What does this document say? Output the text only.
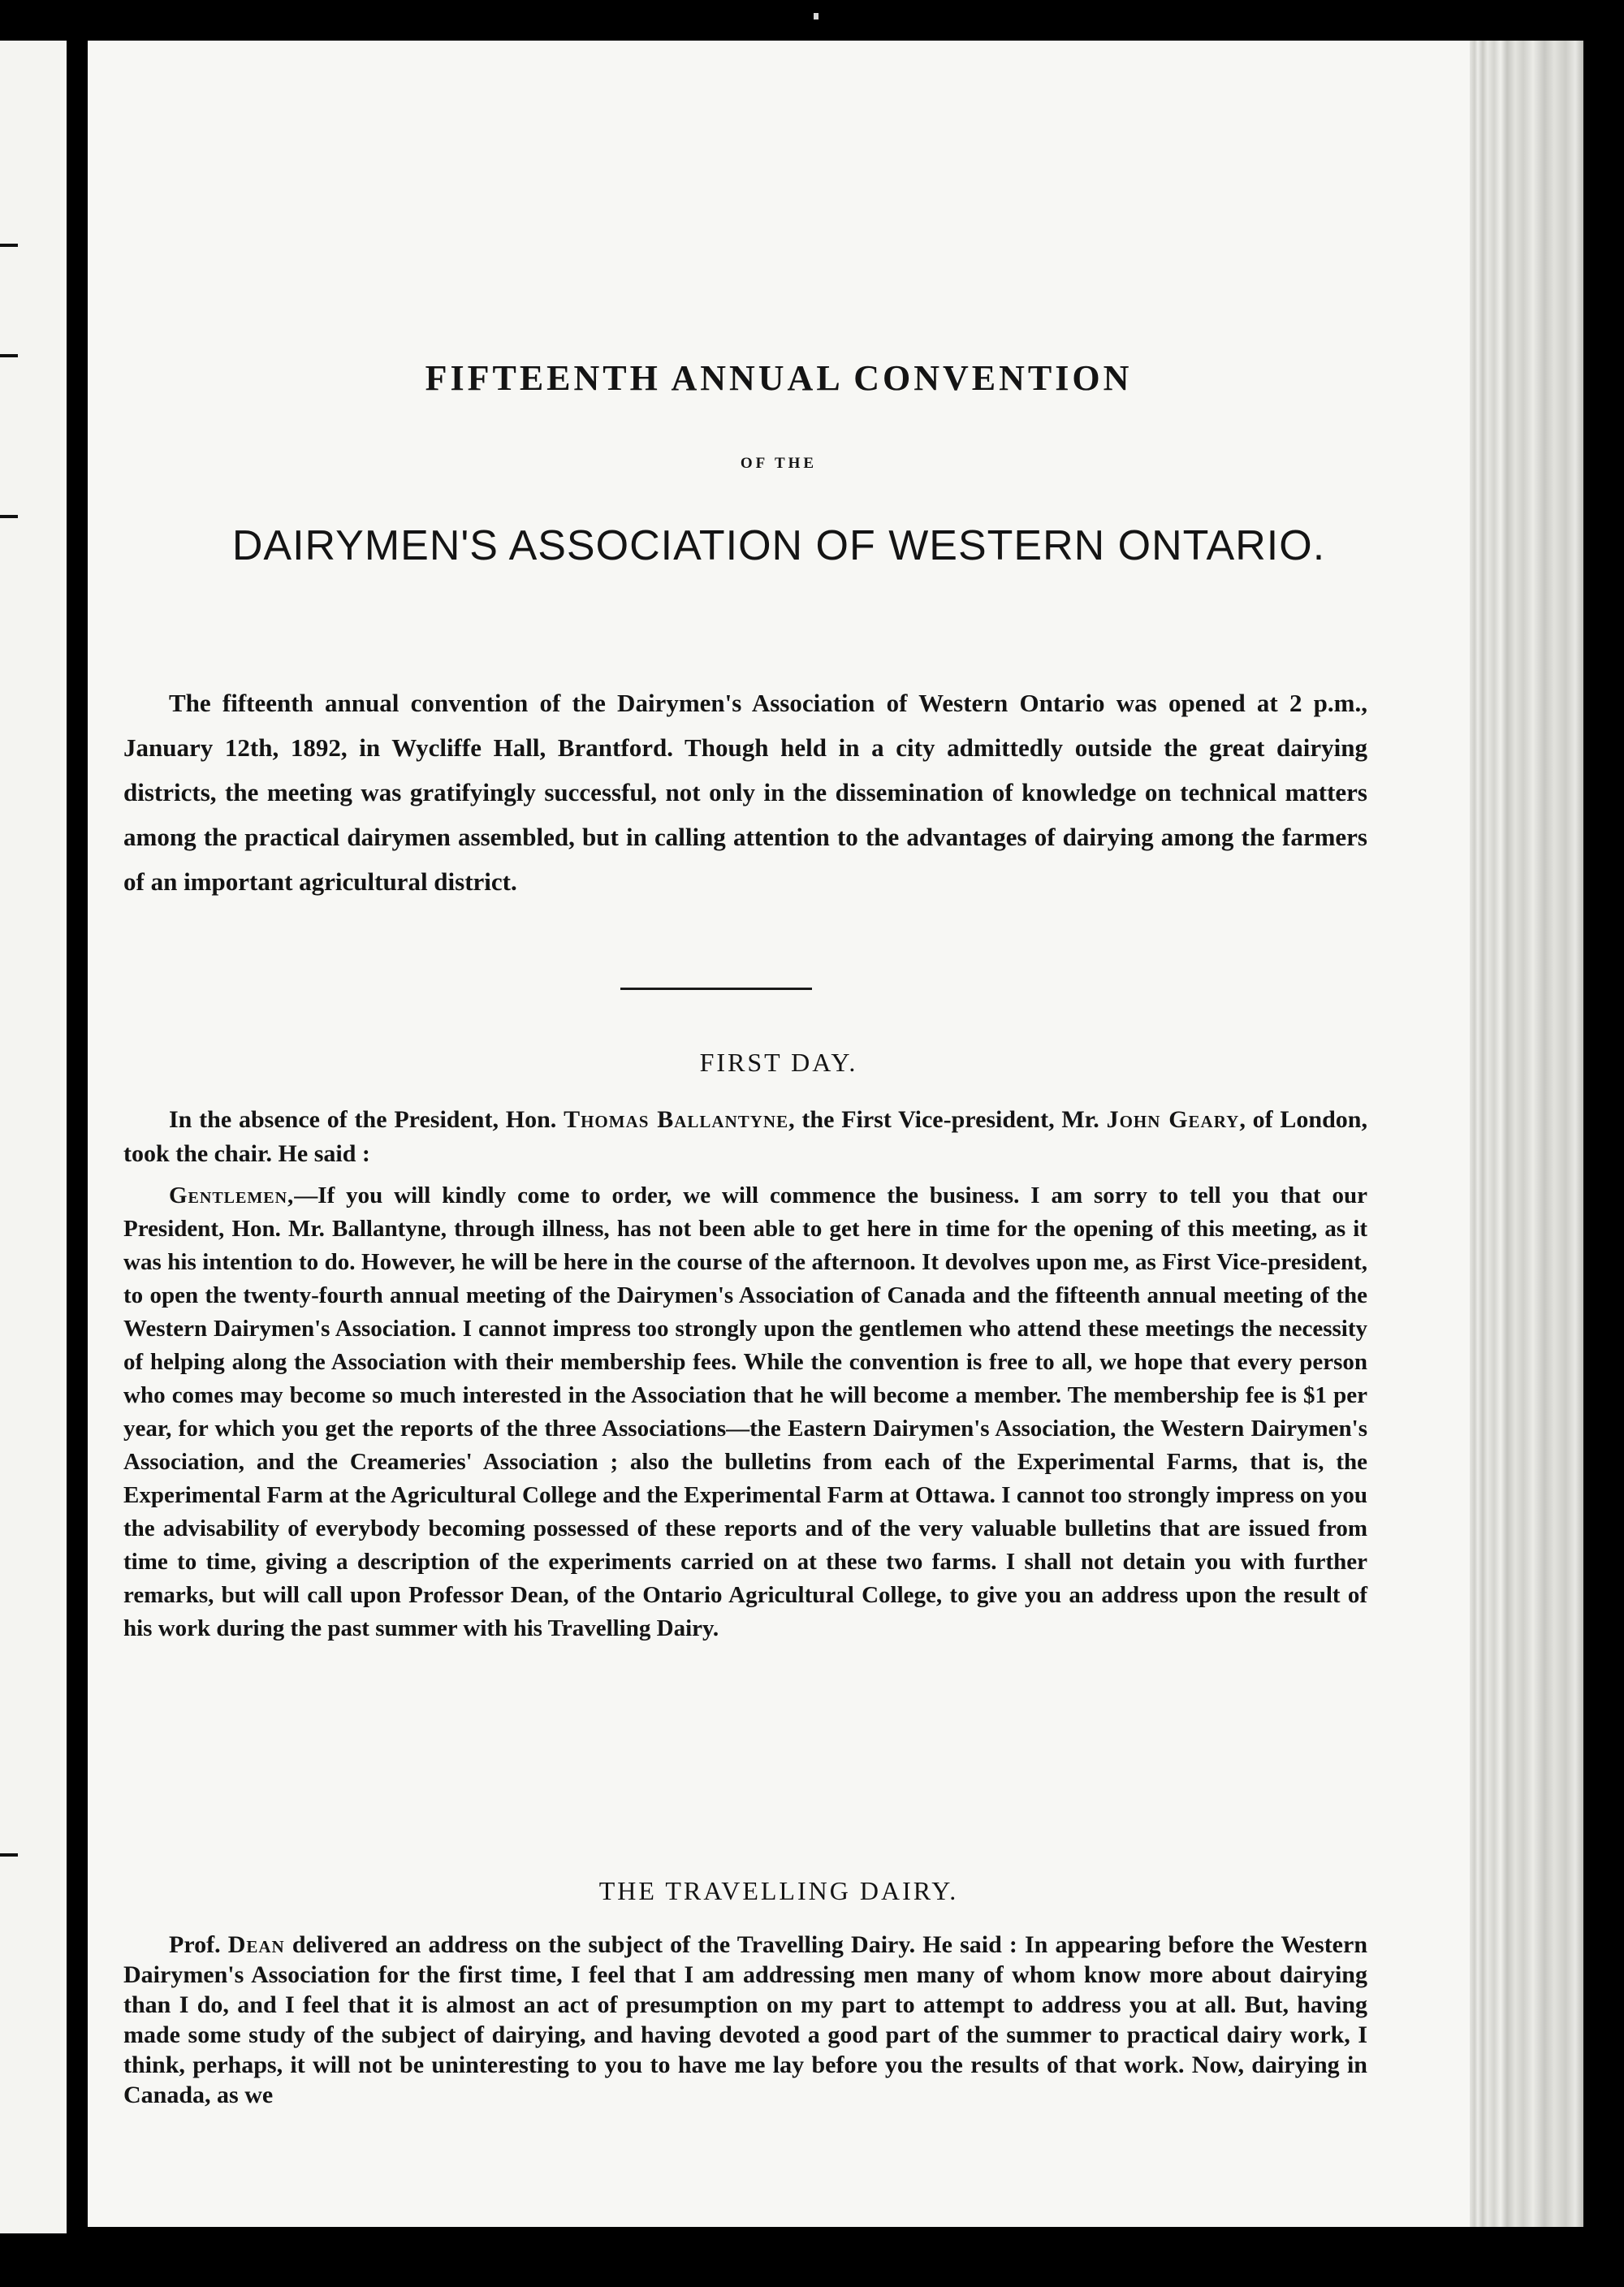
FIFTEENTH ANNUAL CONVENTION
OF THE
DAIRYMEN'S ASSOCIATION OF WESTERN ONTARIO.

The fifteenth annual convention of the Dairymen's Association of Western Ontario was opened at 2 p.m., January 12th, 1892, in Wycliffe Hall, Brantford. Though held in a city admittedly outside the great dairying districts, the meeting was gratifyingly successful, not only in the dissemination of knowledge on technical matters among the practical dairymen assembled, but in calling attention to the advantages of dairying among the farmers of an important agricultural district.

FIRST DAY.

In the absence of the President, Hon. Thomas Ballantyne, the First Vice-president, Mr. John Geary, of London, took the chair. He said :

Gentlemen,—If you will kindly come to order, we will commence the business. I am sorry to tell you that our President, Hon. Mr. Ballantyne, through illness, has not been able to get here in time for the opening of this meeting, as it was his intention to do. However, he will be here in the course of the afternoon. It devolves upon me, as First Vice-president, to open the twenty-fourth annual meeting of the Dairymen's Association of Canada and the fifteenth annual meeting of the Western Dairymen's Association. I cannot impress too strongly upon the gentlemen who attend these meetings the necessity of helping along the Association with their membership fees. While the convention is free to all, we hope that every person who comes may become so much interested in the Association that he will become a member. The membership fee is $1 per year, for which you get the reports of the three Associations—the Eastern Dairymen's Association, the Western Dairymen's Association, and the Creameries' Association ; also the bulletins from each of the Experimental Farms, that is, the Experimental Farm at the Agricultural College and the Experimental Farm at Ottawa. I cannot too strongly impress on you the advisability of everybody becoming possessed of these reports and of the very valuable bulletins that are issued from time to time, giving a description of the experiments carried on at these two farms. I shall not detain you with further remarks, but will call upon Professor Dean, of the Ontario Agricultural College, to give you an address upon the result of his work during the past summer with his Travelling Dairy.

THE TRAVELLING DAIRY.

Prof. Dean delivered an address on the subject of the Travelling Dairy. He said : In appearing before the Western Dairymen's Association for the first time, I feel that I am addressing men many of whom know more about dairying than I do, and I feel that it is almost an act of presumption on my part to attempt to address you at all. But, having made some study of the subject of dairying, and having devoted a good part of the summer to practical dairy work, I think, perhaps, it will not be uninteresting to you to have me lay before you the results of that work. Now, dairying in Canada, as we
